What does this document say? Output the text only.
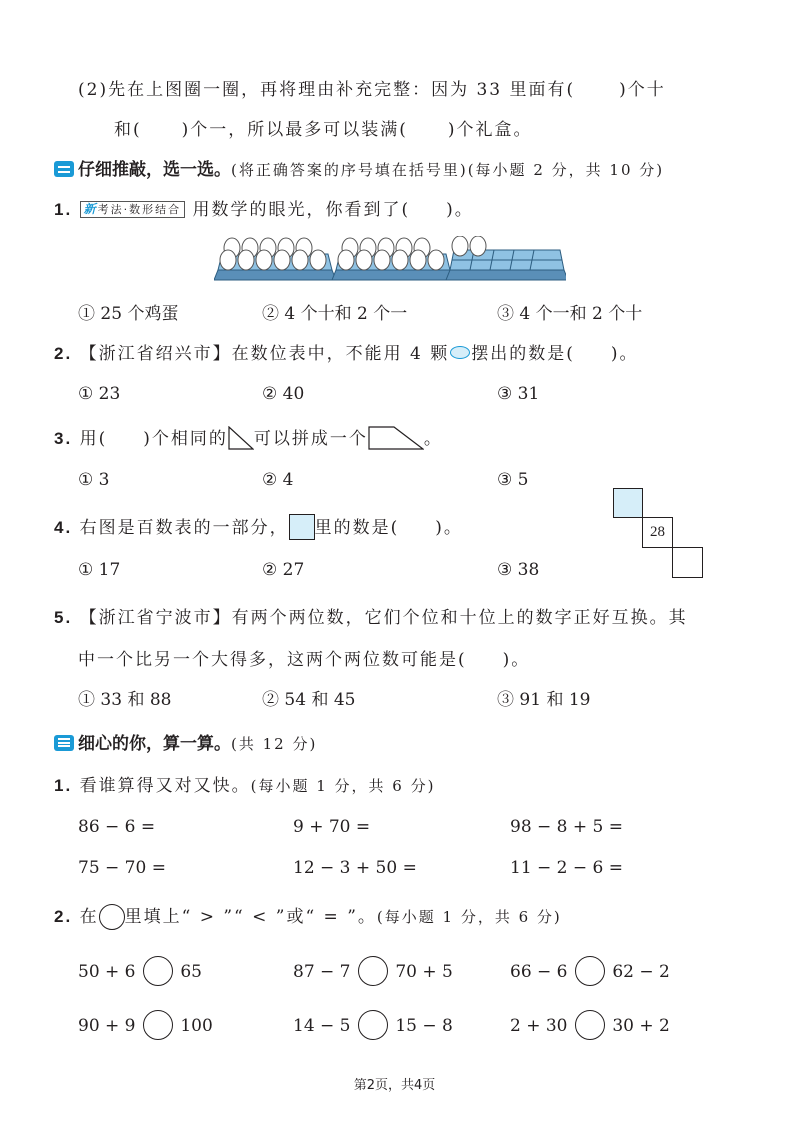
(2)先在上图圈一圈，再将理由补充完整：因为 33 里面有(	)个十
和( )个一，所以最多可以装满( )个礼盒。
仔细推敲，选一选。(将正确答案的序号填在括号里)(每小题 2 分，共 10 分)
1. 新考法·数形结合 用数学的眼光，你看到了( )。
① 25 个鸡蛋	② 4 个十和 2 个一	③ 4 个一和 2 个十
2. 【浙江省绍兴市】在数位表中，不能用 4 颗 摆出的数是( )。
① 23	② 40	③ 31
3. 用( )个相同的 可以拼成一个	。
① 3	② 4	③ 5
4. 右图是百数表的一部分， 里的数是( )。	28
① 17	② 27	③ 38
5. 【浙江省宁波市】有两个两位数，它们个位和十位上的数字正好互换。其
中一个比另一个大得多，这两个两位数可能是( )。
① 33 和 88	② 54 和 45	③ 91 和 19
细心的你，算一算。(共 12 分)
1. 看谁算得又对又快。(每小题 1 分，共 6 分)
86 − 6 =	9 + 70 =	98 − 8 + 5 =
75 − 70 =	12 − 3 + 50 =	11 − 2 − 6 =
2. 在 里填上“ > ”“ < ”或“ = ”。(每小题 1 分，共 6 分)
50 + 6	65	87 − 7	70 + 5	66 − 6	62 − 2
90 + 9	100	14 − 5	15 − 8	2 + 30	30 + 2
第2页，共4页
